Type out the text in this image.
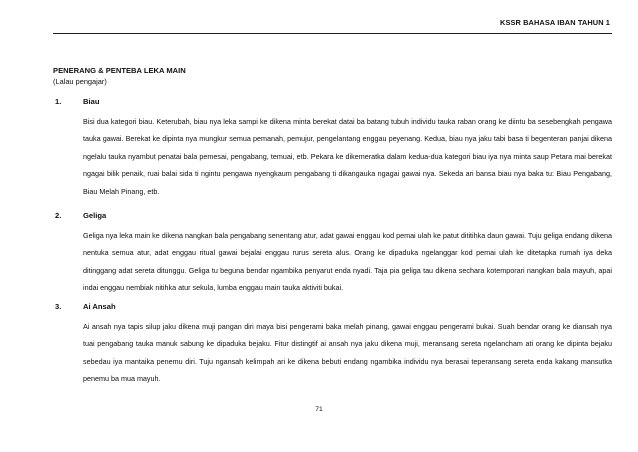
KSSR BAHASA IBAN TAHUN 1
PENERANG & PENTEBA LEKA MAIN
(Lalau pengajar)
1.	Biau
Bisi dua kategori biau. Keterubah, biau nya leka sampi ke dikena minta berekat datai ba batang tubuh individu tauka raban orang ke diintu ba sesebengkah pengawa tauka gawai. Berekat ke dipinta nya mungkur semua pemanah, pemujur, pengelantang enggau peyenang. Kedua, biau nya jaku tabi basa ti begenteran panjai dikena ngelalu tauka nyambut penatai bala pemesai, pengabang, temuai, etb. Pekara ke dikemeratka dalam kedua-dua kategori biau iya nya minta saup Petara mai berekat ngagai bilik penaik, ruai balai sida ti ngintu pengawa nyengkaum pengabang ti dikangauka ngagai gawai nya. Sekeda ari bansa biau nya baka tu: Biau Pengabang, Biau Melah Pinang, etb.
2.	Geliga
Geliga nya leka main ke dikena nangkan bala pengabang senentang atur, adat gawai enggau kod pemai ulah ke patut dititihka daun gawai. Tuju geliga endang dikena nentuka semua atur, adat enggau ritual gawai bejalai enggau rurus sereta alus. Orang ke dipaduka ngelanggar kod pemai ulah ke ditetapka rumah iya deka ditinggang adat sereta ditunggu. Geliga tu beguna bendar ngambika penyarut enda nyadi. Taja pia geliga tau dikena sechara kotemporari nangkan bala mayuh, apai indai enggau nembiak nitihka atur sekula, lumba enggau main tauka aktiviti bukai.
3.	Ai Ansah
Ai ansah nya tapis silup jaku dikena muji pangan diri maya bisi pengerami baka melah pinang, gawai enggau pengerami bukai. Suah bendar orang ke diansah nya tuai pengabang tauka manuk sabung ke dipaduka bejaku. Fitur distingtif ai ansah nya jaku dikena muji, meransang sereta ngelancham ati orang ke dipinta bejaku sebedau iya mantaika penemu diri. Tuju ngansah kelimpah ari ke dikena bebuti endang ngambika individu nya berasai teperansang sereta enda kakang mansutka penemu ba mua mayuh.
71
